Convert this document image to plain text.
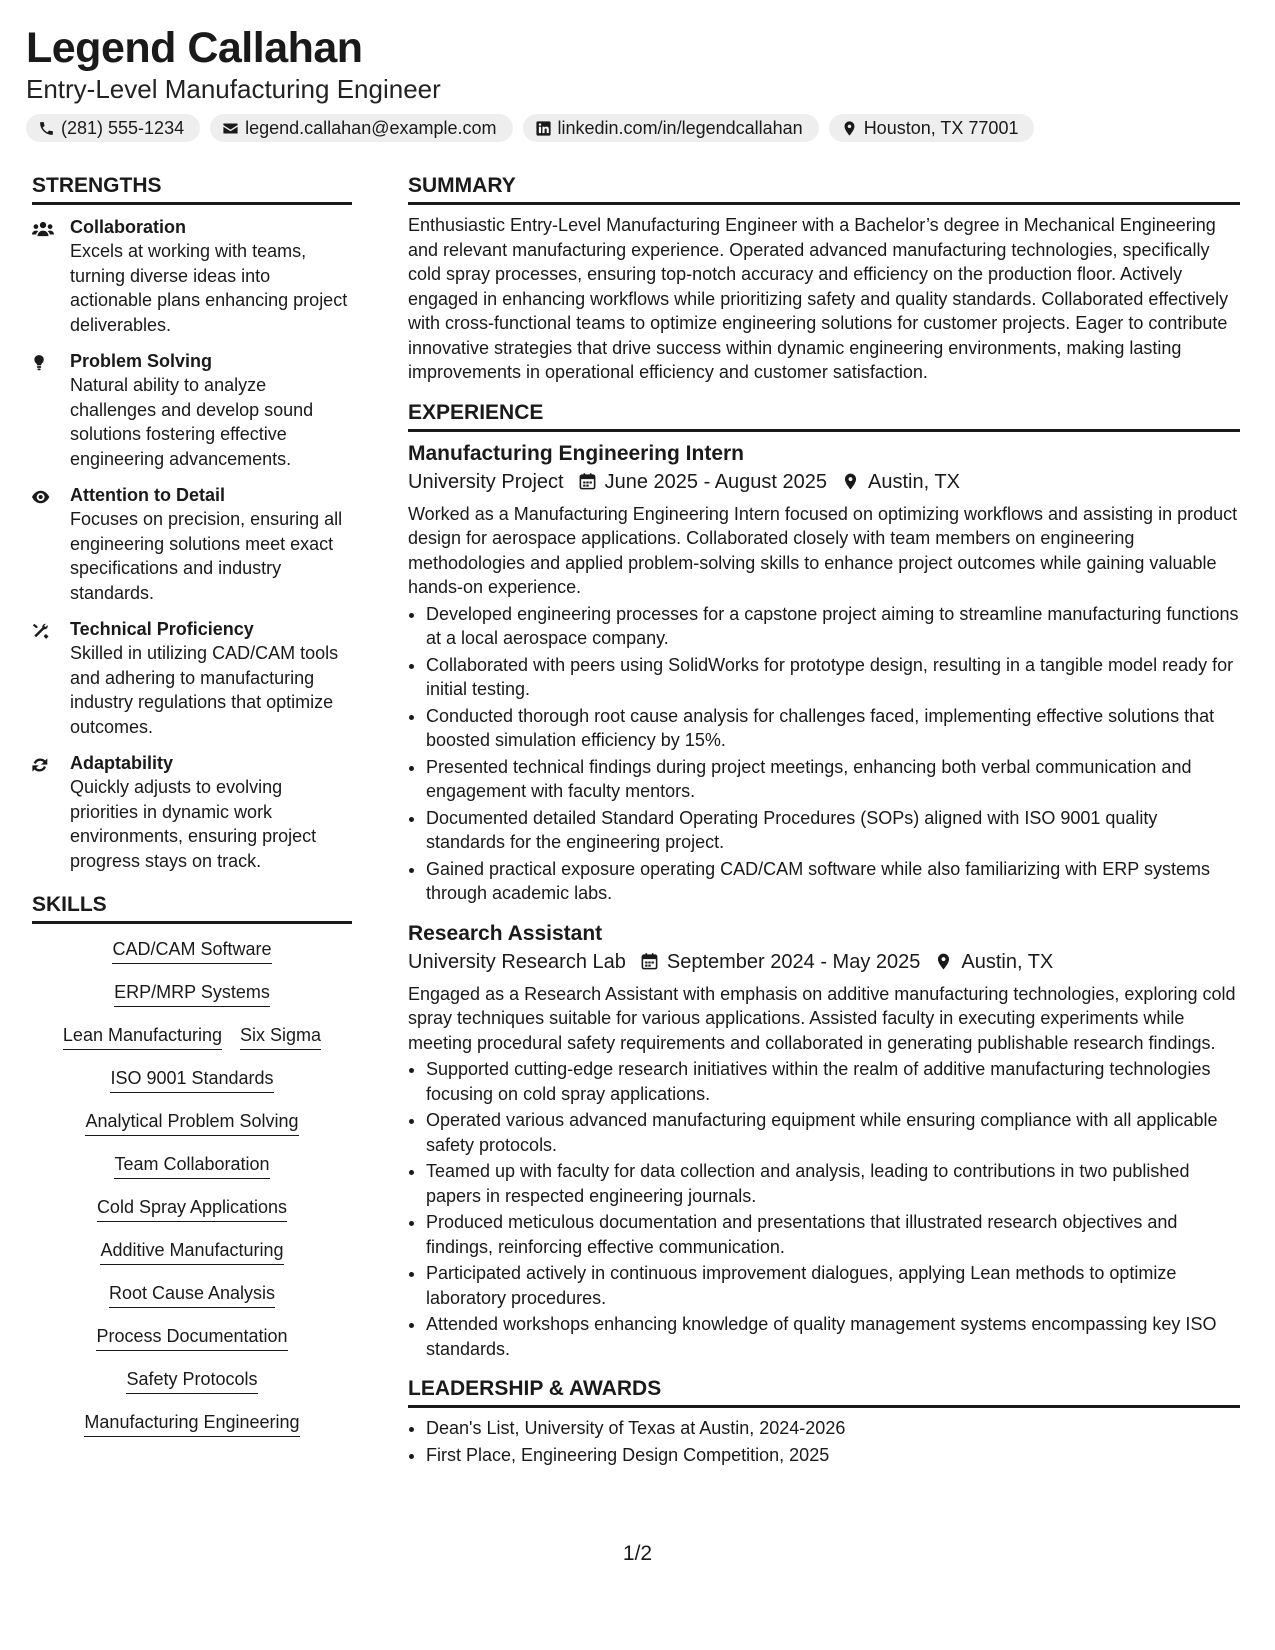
Legend Callahan
Entry-Level Manufacturing Engineer
(281) 555-1234	legend.callahan@example.com	linkedin.com/in/legendcallahan	Houston, TX 77001
STRENGTHS
Collaboration
Excels at working with teams, turning diverse ideas into actionable plans enhancing project deliverables.
Problem Solving
Natural ability to analyze challenges and develop sound solutions fostering effective engineering advancements.
Attention to Detail
Focuses on precision, ensuring all engineering solutions meet exact specifications and industry standards.
Technical Proficiency
Skilled in utilizing CAD/CAM tools and adhering to manufacturing industry regulations that optimize outcomes.
Adaptability
Quickly adjusts to evolving priorities in dynamic work environments, ensuring project progress stays on track.
SKILLS
CAD/CAM Software
ERP/MRP Systems
Lean Manufacturing Six Sigma
ISO 9001 Standards
Analytical Problem Solving
Team Collaboration
Cold Spray Applications
Additive Manufacturing
Root Cause Analysis
Process Documentation
Safety Protocols
Manufacturing Engineering
SUMMARY

Enthusiastic Entry-Level Manufacturing Engineer with a Bachelor’s degree in Mechanical Engineering and relevant manufacturing experience. Operated advanced manufacturing technologies, specifically cold spray processes, ensuring top-notch accuracy and efficiency on the production floor. Actively engaged in enhancing workflows while prioritizing safety and quality standards. Collaborated effectively with cross-functional teams to optimize engineering solutions for customer projects. Eager to contribute innovative strategies that drive success within dynamic engineering environments, making lasting improvements in operational efficiency and customer satisfaction.

EXPERIENCE
Manufacturing Engineering Intern
University Project June 2025 - August 2025 Austin, TX

Worked as a Manufacturing Engineering Intern focused on optimizing workflows and assisting in product design for aerospace applications. Collaborated closely with team members on engineering methodologies and applied problem-solving skills to enhance project outcomes while gaining valuable hands-on experience.

• Developed engineering processes for a capstone project aiming to streamline manufacturing functions at a local aerospace company.
• Collaborated with peers using SolidWorks for prototype design, resulting in a tangible model ready for initial testing.
• Conducted thorough root cause analysis for challenges faced, implementing effective solutions that boosted simulation efficiency by 15%.
• Presented technical findings during project meetings, enhancing both verbal communication and engagement with faculty mentors.
• Documented detailed Standard Operating Procedures (SOPs) aligned with ISO 9001 quality standards for the engineering project.
• Gained practical exposure operating CAD/CAM software while also familiarizing with ERP systems through academic labs.
Research Assistant
University Research Lab September 2024 - May 2025 Austin, TX

Engaged as a Research Assistant with emphasis on additive manufacturing technologies, exploring cold spray techniques suitable for various applications. Assisted faculty in executing experiments while meeting procedural safety requirements and collaborated in generating publishable research findings.

• Supported cutting-edge research initiatives within the realm of additive manufacturing technologies focusing on cold spray applications.
• Operated various advanced manufacturing equipment while ensuring compliance with all applicable safety protocols.
• Teamed up with faculty for data collection and analysis, leading to contributions in two published papers in respected engineering journals.
• Produced meticulous documentation and presentations that illustrated research objectives and findings, reinforcing effective communication.
• Participated actively in continuous improvement dialogues, applying Lean methods to optimize laboratory procedures.
• Attended workshops enhancing knowledge of quality management systems encompassing key ISO standards.
LEADERSHIP & AWARDS
• Dean's List, University of Texas at Austin, 2024-2026
• First Place, Engineering Design Competition, 2025
1/2
